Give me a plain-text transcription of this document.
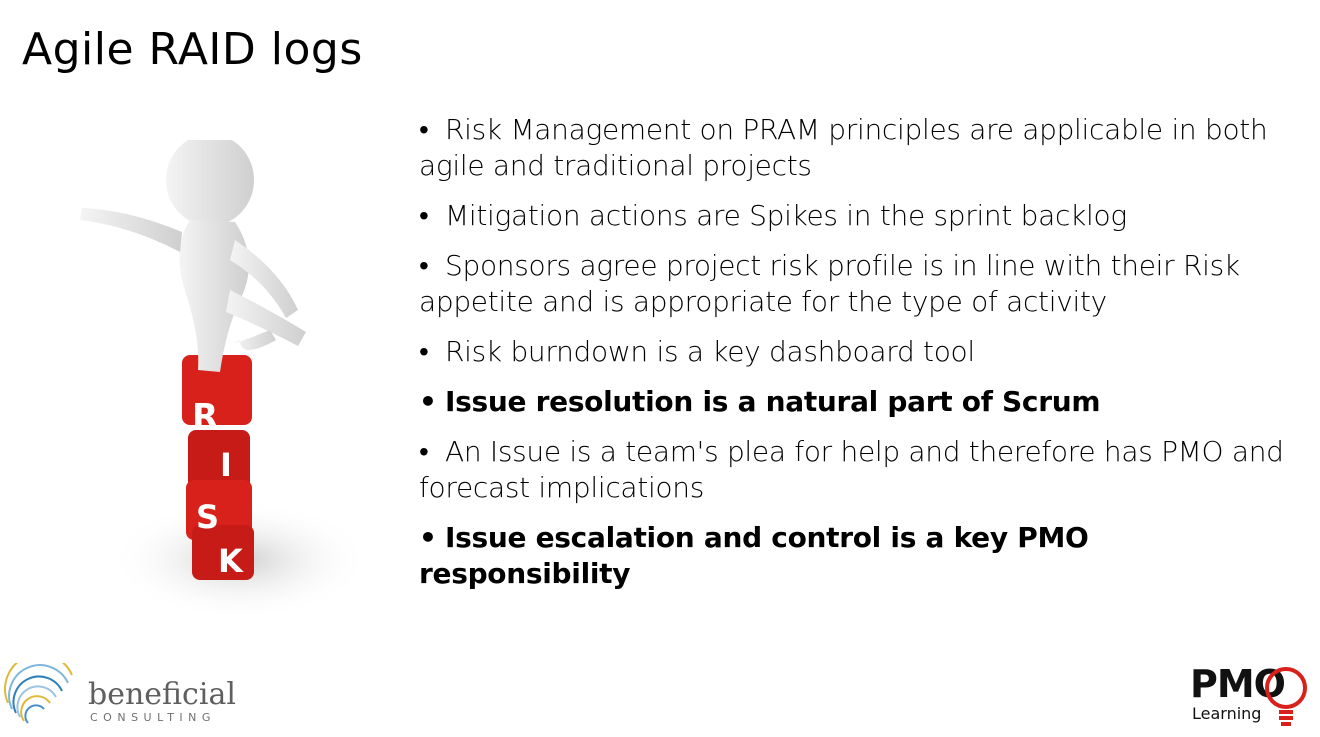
Agile RAID logs
R
I
S
K
• Risk Management on PRAM principles are applicable in both agile and traditional projects
• Mitigation actions are Spikes in the sprint backlog
• Sponsors agree project risk profile is in line with their Risk appetite and is appropriate for the type of activity
• Risk burndown is a key dashboard tool
• Issue resolution is a natural part of Scrum
• An Issue is a team's plea for help and therefore has PMO and forecast implications
• Issue escalation and control is a key PMO responsibility
beneficial
CONSULTING
PMO
Learning
